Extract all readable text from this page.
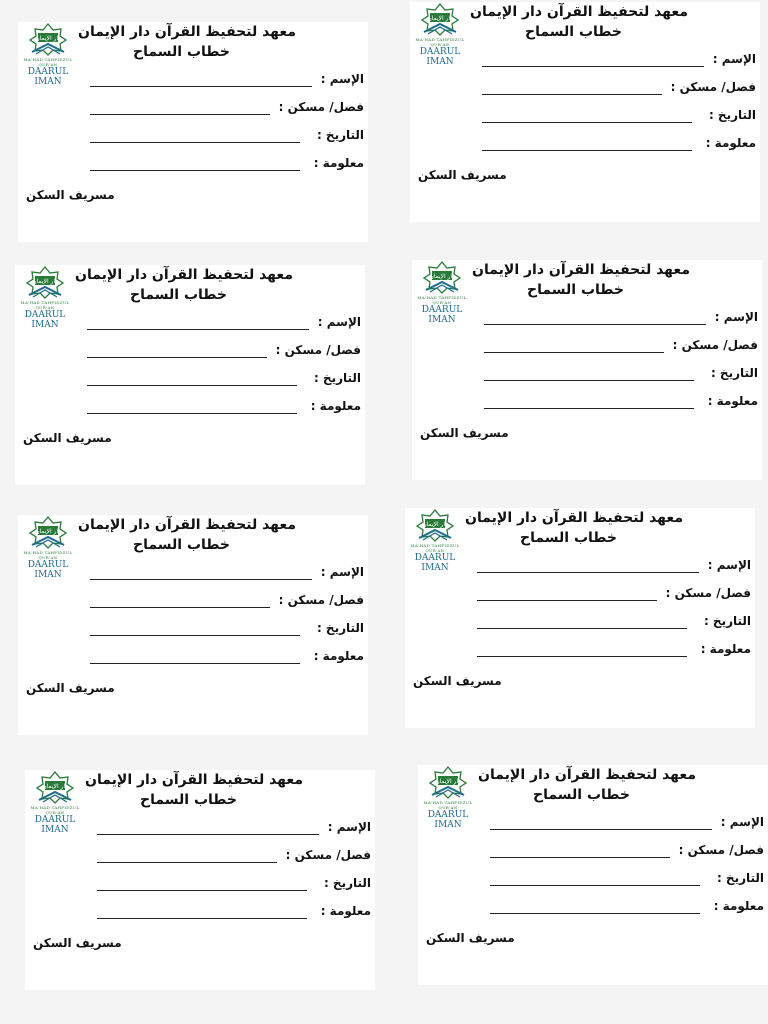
دار الإيمان
MA'HAD TAHFIDZUL QUR'AN
DAARUL IMAN
معهد لتحفيظ القرآن دار الإيمان
خطاب السماح
الإسم :
فصل/ مسكن :
التاريخ :
معلومة :
مسريف السكن
دار الإيمان
MA'HAD TAHFIDZUL QUR'AN
DAARUL IMAN
معهد لتحفيظ القرآن دار الإيمان
خطاب السماح
الإسم :
فصل/ مسكن :
التاريخ :
معلومة :
مسريف السكن
دار الإيمان
MA'HAD TAHFIDZUL QUR'AN
DAARUL IMAN
معهد لتحفيظ القرآن دار الإيمان
خطاب السماح
الإسم :
فصل/ مسكن :
التاريخ :
معلومة :
مسريف السكن
دار الإيمان
MA'HAD TAHFIDZUL QUR'AN
DAARUL IMAN
معهد لتحفيظ القرآن دار الإيمان
خطاب السماح
الإسم :
فصل/ مسكن :
التاريخ :
معلومة :
مسريف السكن
دار الإيمان
MA'HAD TAHFIDZUL QUR'AN
DAARUL IMAN
معهد لتحفيظ القرآن دار الإيمان
خطاب السماح
الإسم :
فصل/ مسكن :
التاريخ :
معلومة :
مسريف السكن
دار الإيمان
MA'HAD TAHFIDZUL QUR'AN
DAARUL IMAN
معهد لتحفيظ القرآن دار الإيمان
خطاب السماح
الإسم :
فصل/ مسكن :
التاريخ :
معلومة :
مسريف السكن
دار الإيمان
MA'HAD TAHFIDZUL QUR'AN
DAARUL IMAN
معهد لتحفيظ القرآن دار الإيمان
خطاب السماح
الإسم :
فصل/ مسكن :
التاريخ :
معلومة :
مسريف السكن
دار الإيمان
MA'HAD TAHFIDZUL QUR'AN
DAARUL IMAN
معهد لتحفيظ القرآن دار الإيمان
خطاب السماح
الإسم :
فصل/ مسكن :
التاريخ :
معلومة :
مسريف السكن
